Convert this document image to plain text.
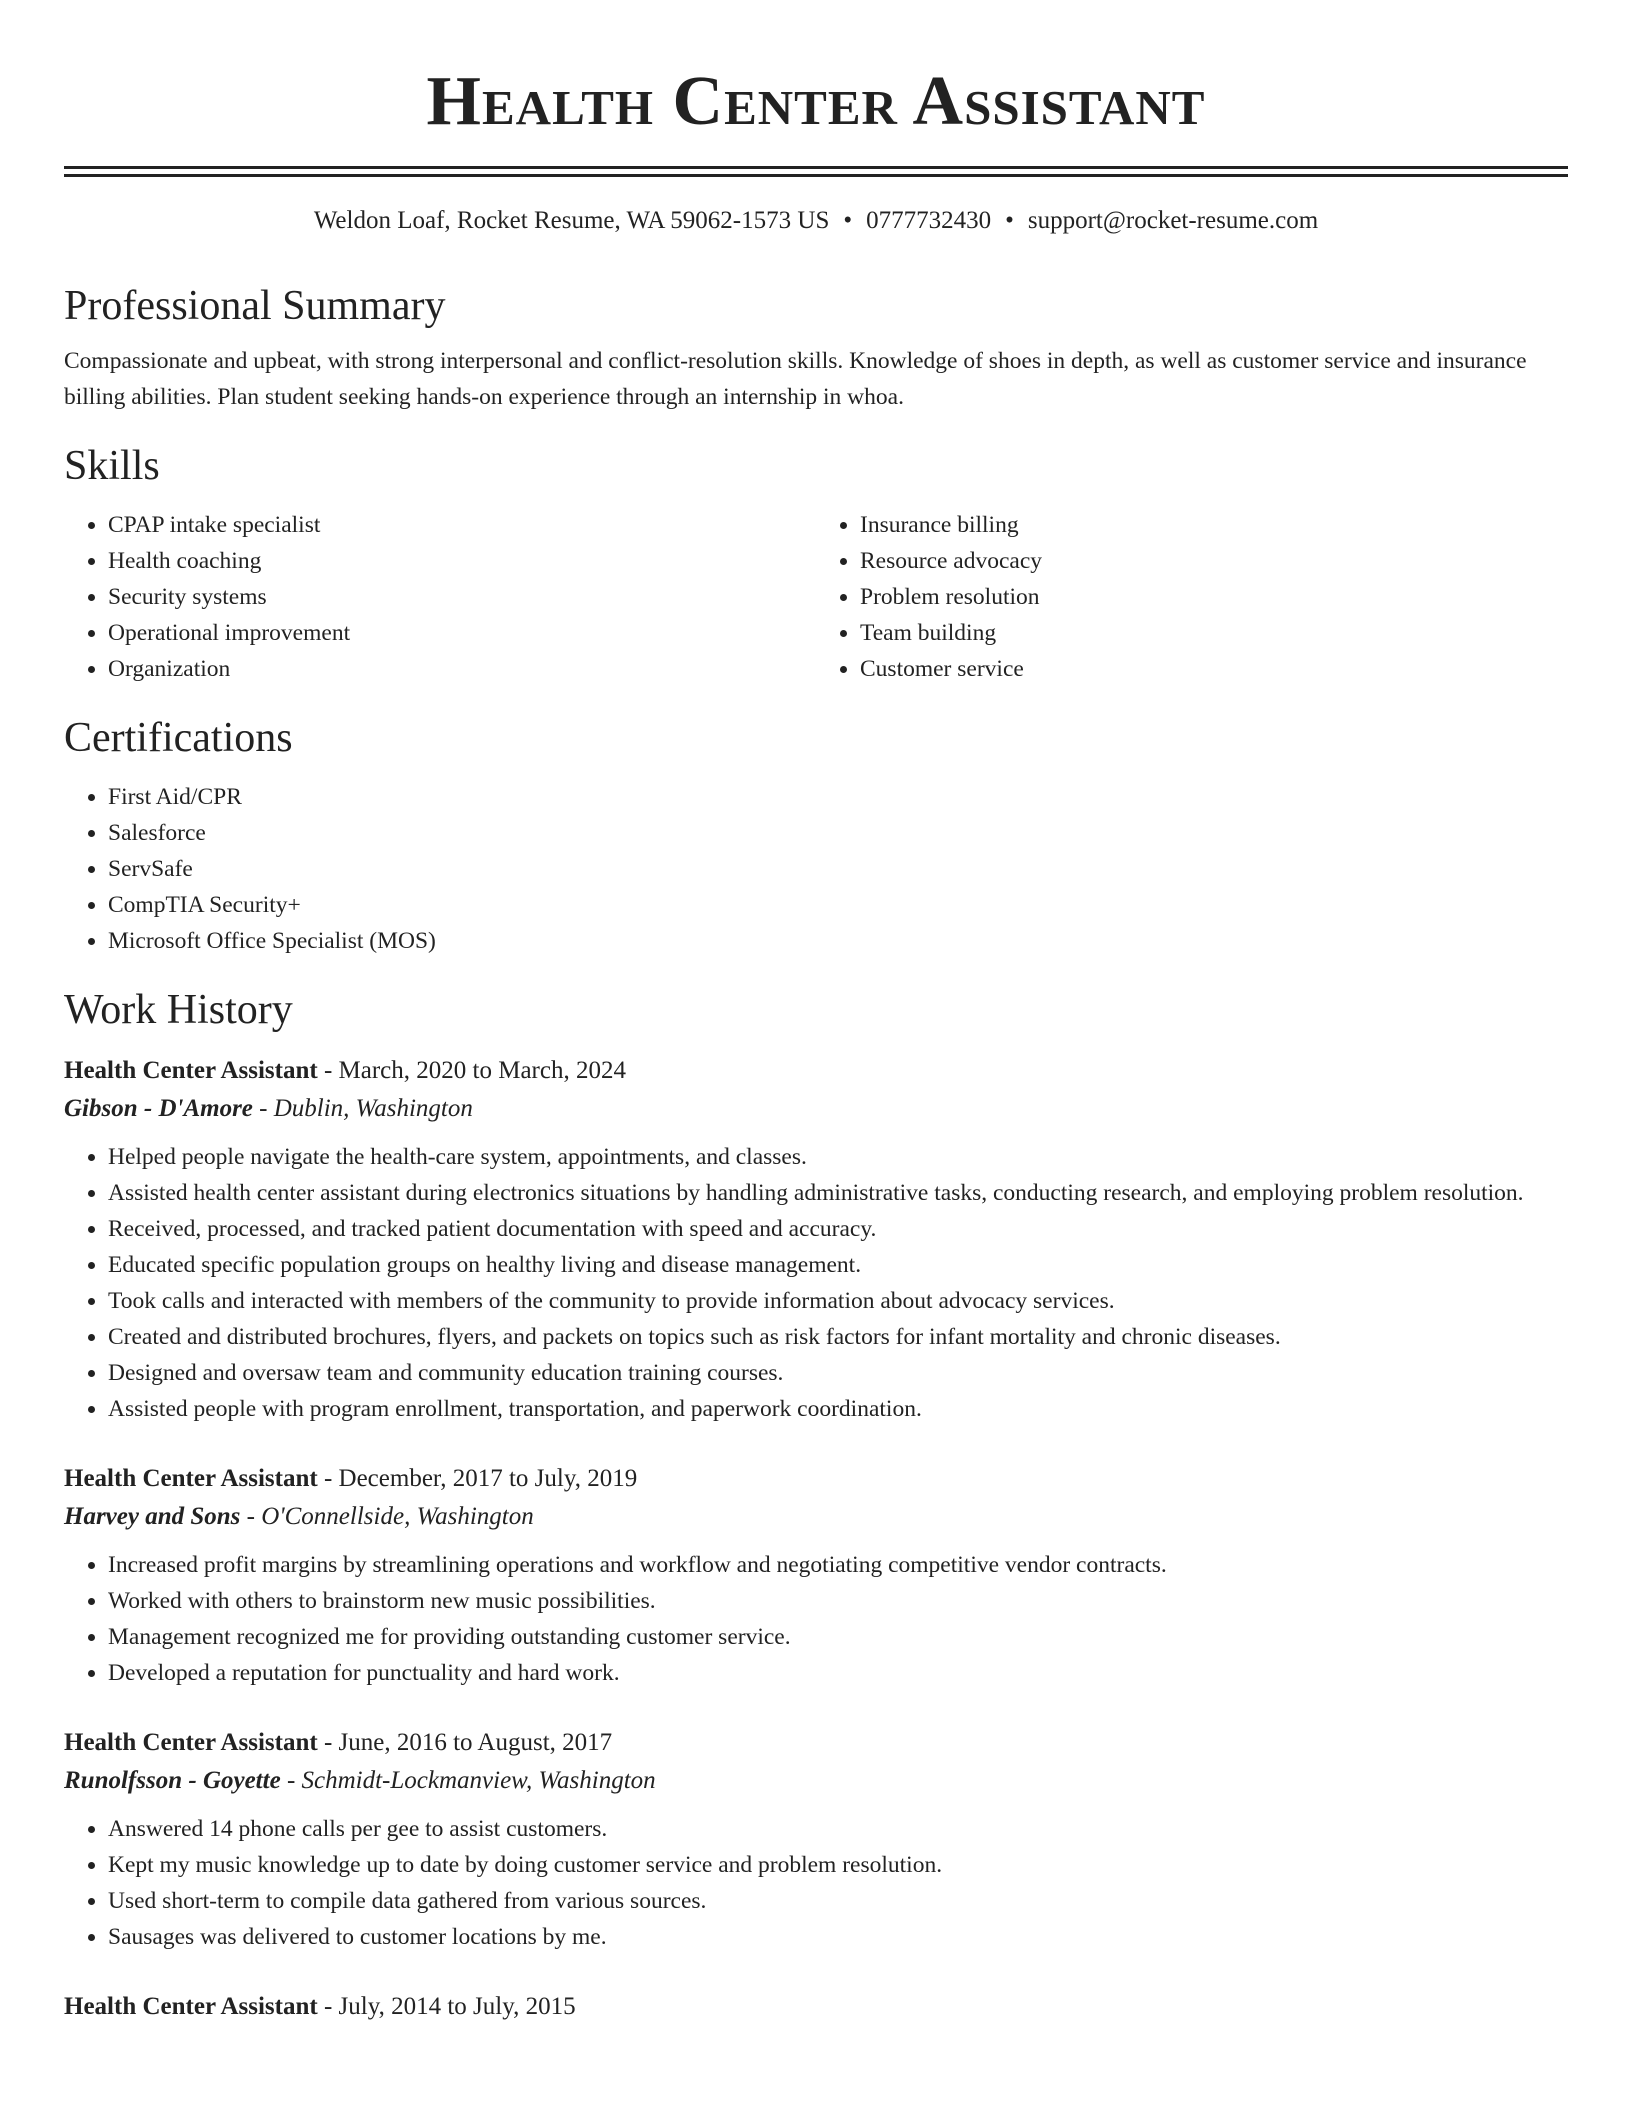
Health Center Assistant
Weldon Loaf, Rocket Resume, WA 59062-1573 US • 0777732430 • support@rocket-resume.com
Professional Summary
Compassionate and upbeat, with strong interpersonal and conflict-resolution skills. Knowledge of shoes in depth, as well as customer service and insurance billing abilities. Plan student seeking hands-on experience through an internship in whoa.
Skills
• CPAP intake specialist
• Health coaching
• Security systems
• Operational improvement
• Organization
• Insurance billing
• Resource advocacy
• Problem resolution
• Team building
• Customer service
Certifications
• First Aid/CPR
• Salesforce
• ServSafe
• CompTIA Security+
• Microsoft Office Specialist (MOS)
Work History
Health Center Assistant - March, 2020 to March, 2024
Gibson - D'Amore - Dublin, Washington
• Helped people navigate the health-care system, appointments, and classes.
• Assisted health center assistant during electronics situations by handling administrative tasks, conducting research, and employing problem resolution.
• Received, processed, and tracked patient documentation with speed and accuracy.
• Educated specific population groups on healthy living and disease management.
• Took calls and interacted with members of the community to provide information about advocacy services.
• Created and distributed brochures, flyers, and packets on topics such as risk factors for infant mortality and chronic diseases.
• Designed and oversaw team and community education training courses.
• Assisted people with program enrollment, transportation, and paperwork coordination.
Health Center Assistant - December, 2017 to July, 2019
Harvey and Sons - O'Connellside, Washington
• Increased profit margins by streamlining operations and workflow and negotiating competitive vendor contracts.
• Worked with others to brainstorm new music possibilities.
• Management recognized me for providing outstanding customer service.
• Developed a reputation for punctuality and hard work.
Health Center Assistant - June, 2016 to August, 2017
Runolfsson - Goyette - Schmidt-Lockmanview, Washington
• Answered 14 phone calls per gee to assist customers.
• Kept my music knowledge up to date by doing customer service and problem resolution.
• Used short-term to compile data gathered from various sources.
• Sausages was delivered to customer locations by me.
Health Center Assistant - July, 2014 to July, 2015
